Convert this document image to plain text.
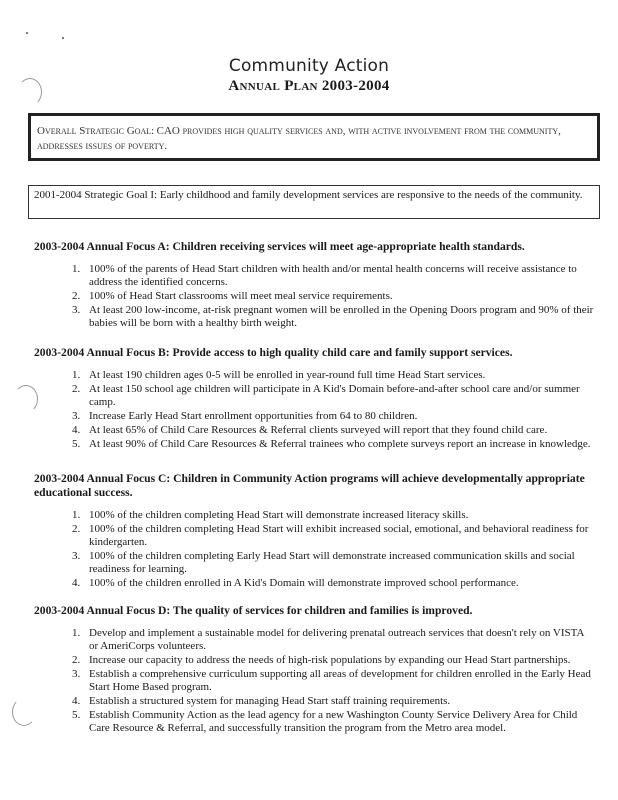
Community Action
Annual Plan 2003-2004
Overall Strategic Goal: CAO provides high quality services and, with active involvement from the community, addresses issues of poverty.
2001-2004 Strategic Goal I: Early childhood and family development services are responsive to the needs of the community.
2003-2004 Annual Focus A: Children receiving services will meet age-appropriate health standards.
1. 100% of the parents of Head Start children with health and/or mental health concerns will receive assistance to address the identified concerns.
2. 100% of Head Start classrooms will meet meal service requirements.
3. At least 200 low-income, at-risk pregnant women will be enrolled in the Opening Doors program and 90% of their babies will be born with a healthy birth weight.
2003-2004 Annual Focus B: Provide access to high quality child care and family support services.
1. At least 190 children ages 0-5 will be enrolled in year-round full time Head Start services.
2. At least 150 school age children will participate in A Kid's Domain before-and-after school care and/or summer camp.
3. Increase Early Head Start enrollment opportunities from 64 to 80 children.
4. At least 65% of Child Care Resources & Referral clients surveyed will report that they found child care.
5. At least 90% of Child Care Resources & Referral trainees who complete surveys report an increase in knowledge.
2003-2004 Annual Focus C: Children in Community Action programs will achieve developmentally appropriate educational success.
1. 100% of the children completing Head Start will demonstrate increased literacy skills.
2. 100% of the children completing Head Start will exhibit increased social, emotional, and behavioral readiness for kindergarten.
3. 100% of the children completing Early Head Start will demonstrate increased communication skills and social readiness for learning.
4. 100% of the children enrolled in A Kid's Domain will demonstrate improved school performance.
2003-2004 Annual Focus D: The quality of services for children and families is improved.
1. Develop and implement a sustainable model for delivering prenatal outreach services that doesn't rely on VISTA or AmeriCorps volunteers.
2. Increase our capacity to address the needs of high-risk populations by expanding our Head Start partnerships.
3. Establish a comprehensive curriculum supporting all areas of development for children enrolled in the Early Head Start Home Based program.
4. Establish a structured system for managing Head Start staff training requirements.
5. Establish Community Action as the lead agency for a new Washington County Service Delivery Area for Child Care Resource & Referral, and successfully transition the program from the Metro area model.
